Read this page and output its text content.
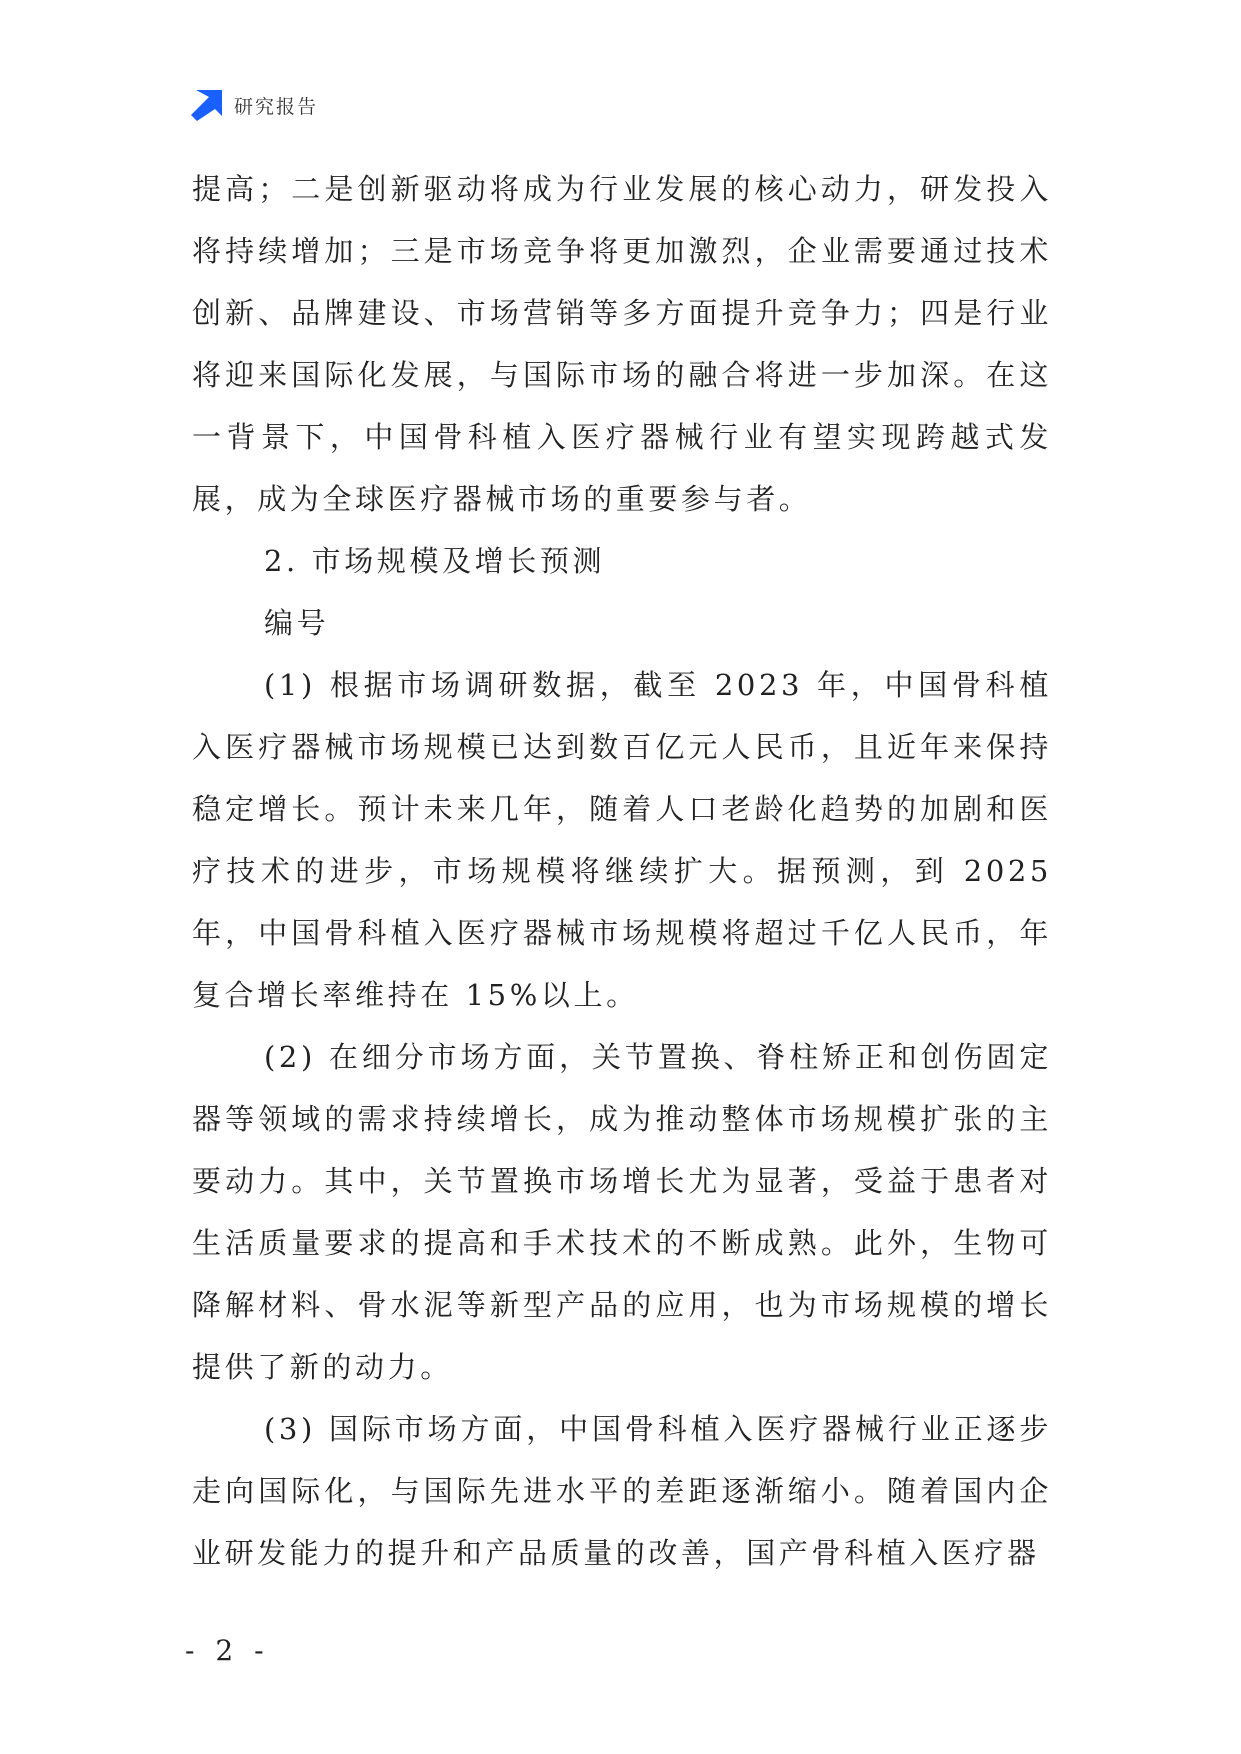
研究报告

提高；二是创新驱动将成为行业发展的核心动力，研发投入将持续增加；三是市场竞争将更加激烈，企业需要通过技术创新、品牌建设、市场营销等多方面提升竞争力；四是行业将迎来国际化发展，与国际市场的融合将进一步加深。在这一背景下，中国骨科植入医疗器械行业有望实现跨越式发展，成为全球医疗器械市场的重要参与者。

2. 市场规模及增长预测

编号

(1) 根据市场调研数据，截至 2023 年，中国骨科植入医疗器械市场规模已达到数百亿元人民币，且近年来保持稳定增长。预计未来几年，随着人口老龄化趋势的加剧和医疗技术的进步，市场规模将继续扩大。据预测，到 2025 年，中国骨科植入医疗器械市场规模将超过千亿人民币，年复合增长率维持在 15%以上。

(2) 在细分市场方面，关节置换、脊柱矫正和创伤固定器等领域的需求持续增长，成为推动整体市场规模扩张的主要动力。其中，关节置换市场增长尤为显著，受益于患者对生活质量要求的提高和手术技术的不断成熟。此外，生物可降解材料、骨水泥等新型产品的应用，也为市场规模的增长提供了新的动力。

(3) 国际市场方面，中国骨科植入医疗器械行业正逐步走向国际化，与国际先进水平的差距逐渐缩小。随着国内企业研发能力的提升和产品质量的改善，国产骨科植入医疗器

- 2 -
